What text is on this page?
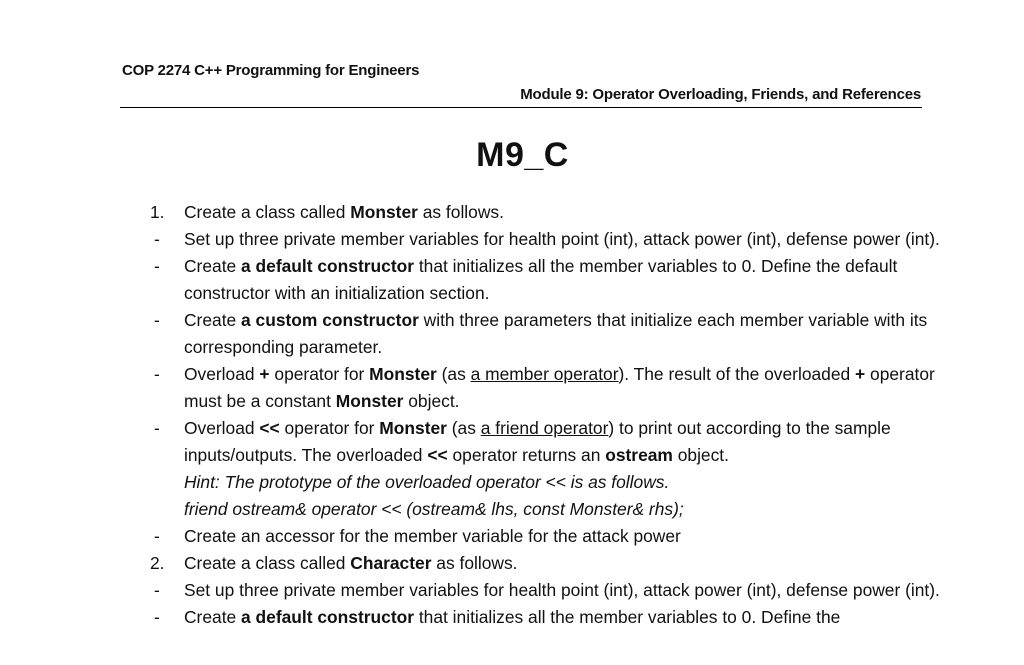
COP 2274 C++ Programming for Engineers
Module 9: Operator Overloading, Friends, and References
M9_C
1.	Create a class called Monster as follows.
-	Set up three private member variables for health point (int), attack power (int), defense power (int).
-	Create a default constructor that initializes all the member variables to 0. Define the default constructor with an initialization section.
-	Create a custom constructor with three parameters that initialize each member variable with its corresponding parameter.
-	Overload + operator for Monster (as a member operator). The result of the overloaded + operator must be a constant Monster object.
-	Overload << operator for Monster (as a friend operator) to print out according to the sample inputs/outputs. The overloaded << operator returns an ostream object.
Hint: The prototype of the overloaded operator << is as follows.
friend ostream& operator << (ostream& lhs, const Monster& rhs);
-	Create an accessor for the member variable for the attack power
2.	Create a class called Character as follows.
-	Set up three private member variables for health point (int), attack power (int), defense power (int).
-	Create a default constructor that initializes all the member variables to 0. Define the
